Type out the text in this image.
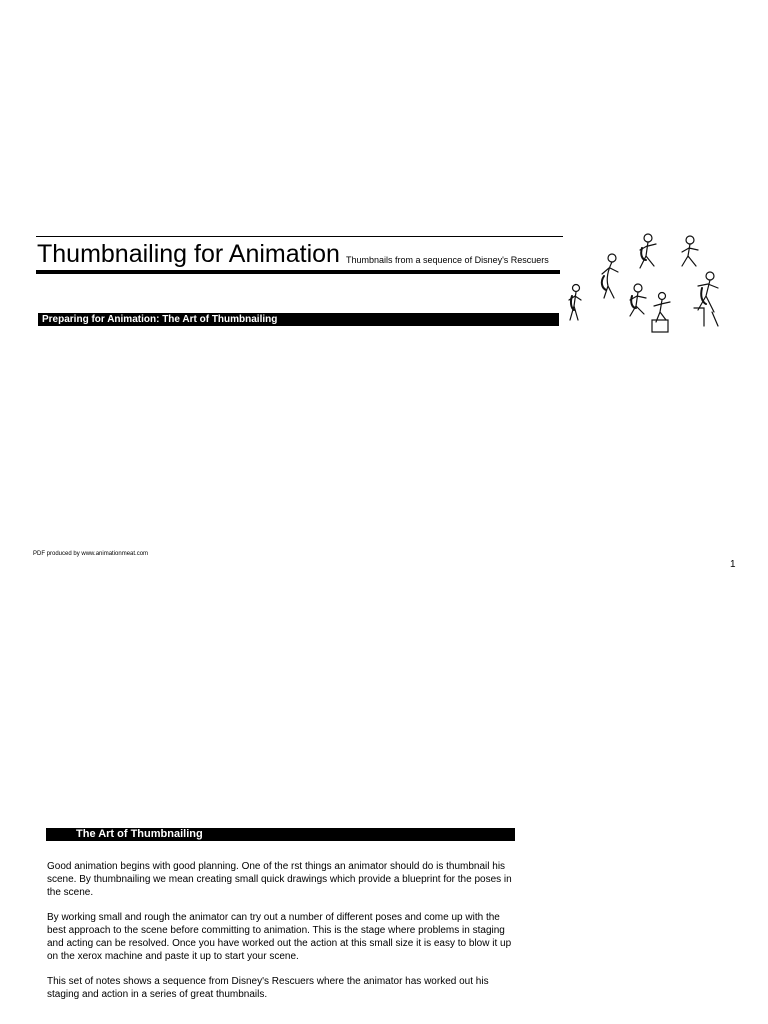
Thumbnailing for Animation Thumbnails from a sequence of Disney's Rescuers
Preparing for Animation: The Art of Thumbnailing
PDF produced by www.animationmeat.com
1
The Art of Thumbnailing

Good animation begins with good planning. One of the rst things an animator should do is thumbnail his scene. By thumbnailing we mean creating small quick drawings which provide a blueprint for the poses in the scene.

By working small and rough the animator can try out a number of different poses and come up with the best approach to the scene before committing to animation. This is the stage where problems in staging and acting can be resolved. Once you have worked out the action at this small size it is easy to blow it up on the xerox machine and paste it up to start your scene.

This set of notes shows a sequence from Disney's Rescuers where the animator has worked out his staging and action in a series of great thumbnails.
